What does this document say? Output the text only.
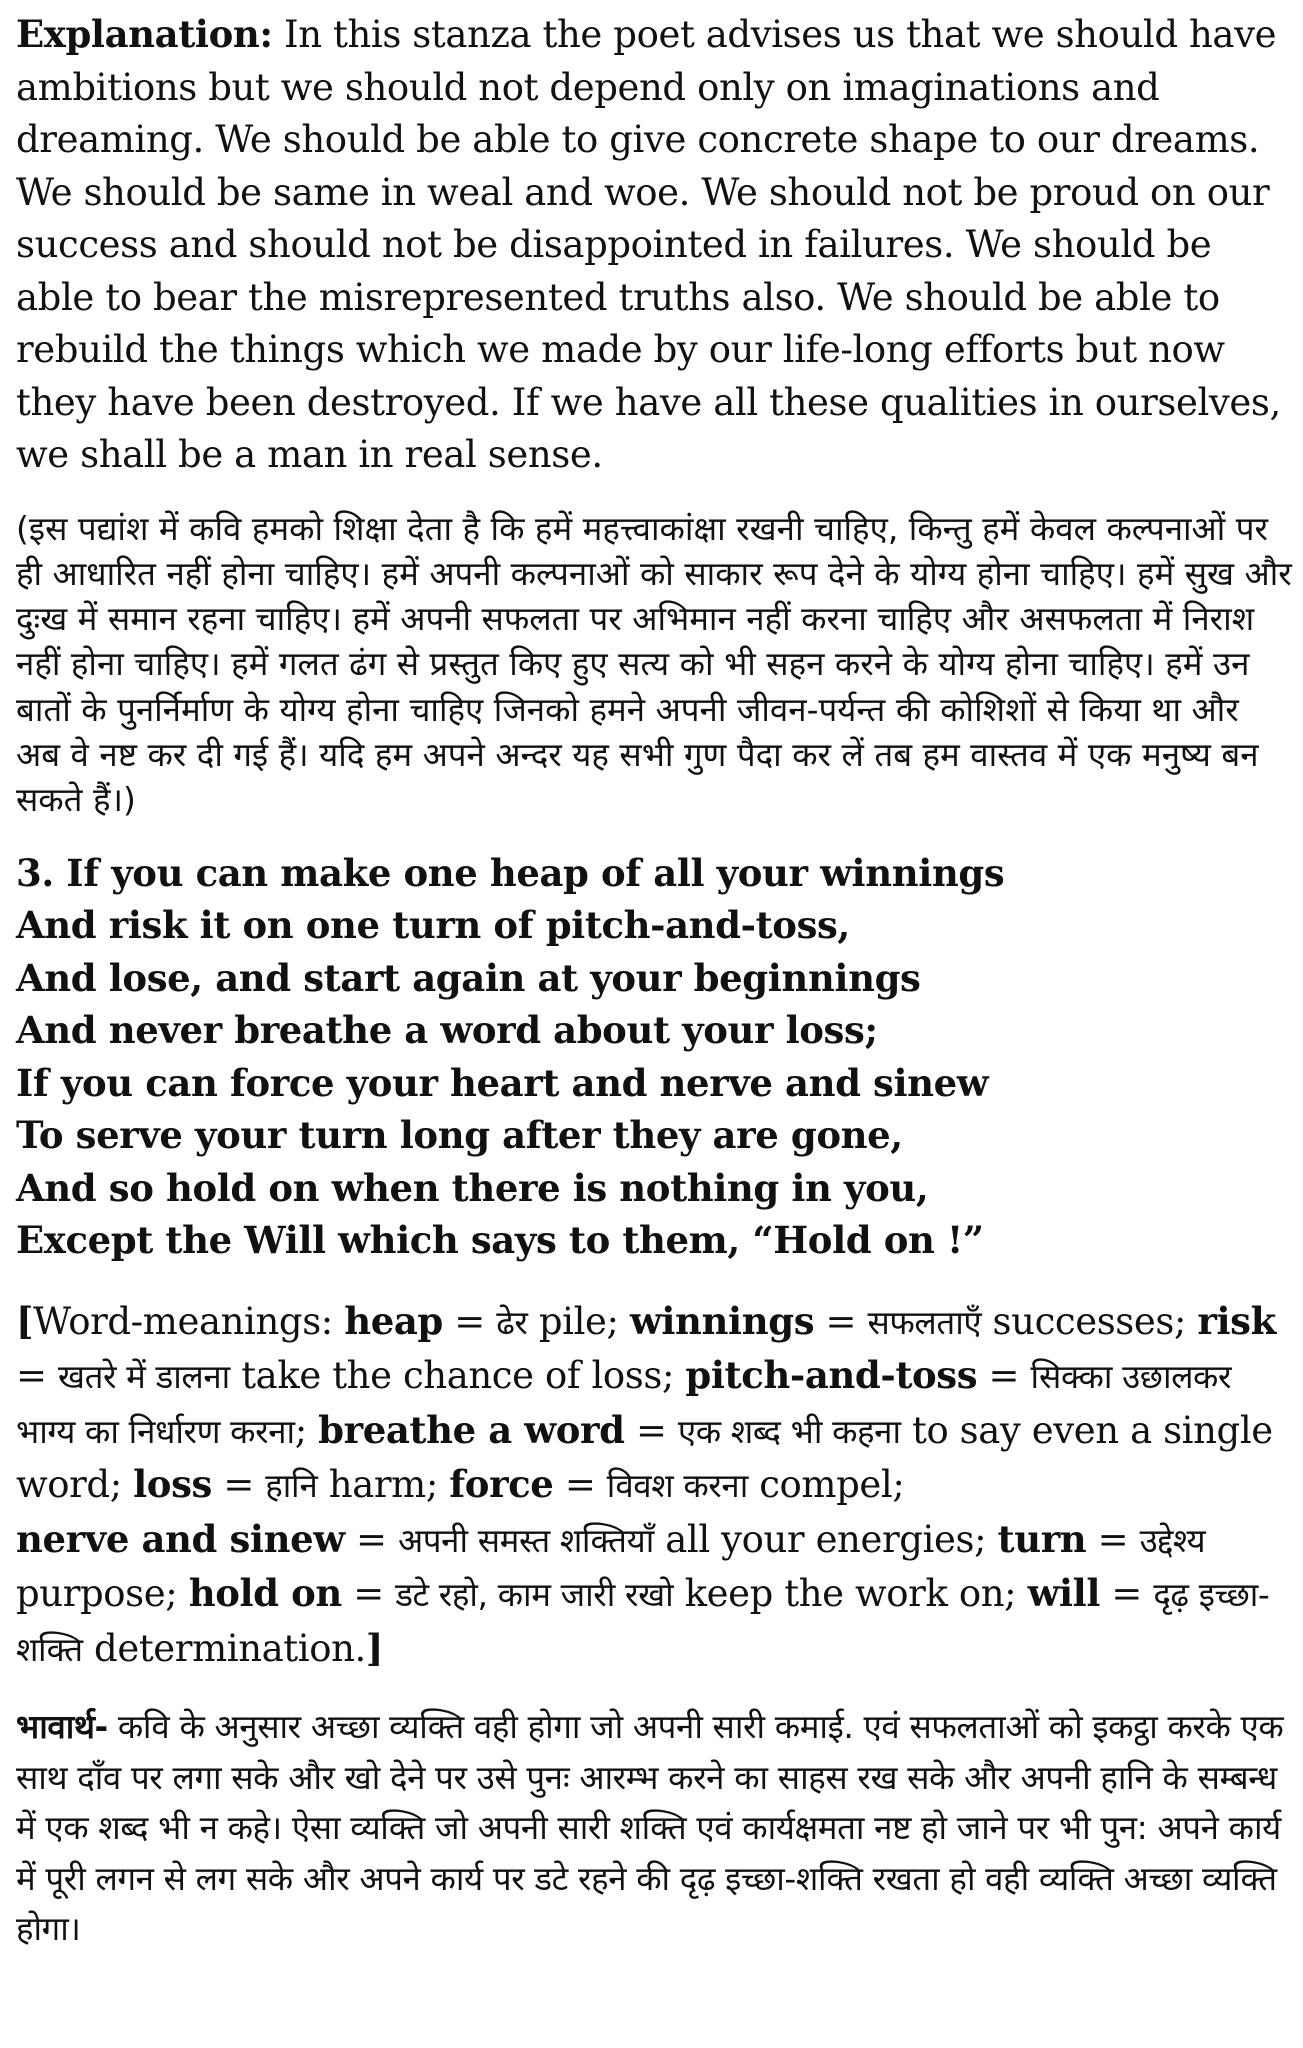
Explanation: In this stanza the poet advises us that we should have ambitions but we should not depend only on imaginations and dreaming. We should be able to give concrete shape to our dreams. We should be same in weal and woe. We should not be proud on our success and should not be disappointed in failures. We should be able to bear the misrepresented truths also. We should be able to rebuild the things which we made by our life-long efforts but now they have been destroyed. If we have all these qualities in ourselves, we shall be a man in real sense.

(इस पद्यांश में कवि हमको शिक्षा देता है कि हमें महत्त्वाकांक्षा रखनी चाहिए, किन्तु हमें केवल कल्पनाओं पर ही आधारित नहीं होना चाहिए। हमें अपनी कल्पनाओं को साकार रूप देने के योग्य होना चाहिए। हमें सुख और दुःख में समान रहना चाहिए। हमें अपनी सफलता पर अभिमान नहीं करना चाहिए और असफलता में निराश नहीं होना चाहिए। हमें गलत ढंग से प्रस्तुत किए हुए सत्य को भी सहन करने के योग्य होना चाहिए। हमें उन बातों के पुनर्निर्माण के योग्य होना चाहिए जिनको हमने अपनी जीवन-पर्यन्त की कोशिशों से किया था और अब वे नष्ट कर दी गई हैं। यदि हम अपने अन्दर यह सभी गुण पैदा कर लें तब हम वास्तव में एक मनुष्य बन सकते हैं।)

3. If you can make one heap of all your winnings
And risk it on one turn of pitch-and-toss,
And lose, and start again at your beginnings
And never breathe a word about your loss;
If you can force your heart and nerve and sinew
To serve your turn long after they are gone,
And so hold on when there is nothing in you,
Except the Will which says to them, “Hold on !”

[Word-meanings: heap = ढेर pile; winnings = सफलताएँ successes; risk = खतरे में डालना take the chance of loss; pitch-and-toss = सिक्का उछालकर भाग्य का निर्धारण करना; breathe a word = एक शब्द भी कहना to say even a single word; loss = हानि harm; force = विवश करना compel;
nerve and sinew = अपनी समस्त शक्तियाँ all your energies; turn = उद्देश्य purpose; hold on = डटे रहो, काम जारी रखो keep the work on; will = दृढ़ इच्छा-शक्ति determination.]

भावार्थ- कवि के अनुसार अच्छा व्यक्ति वही होगा जो अपनी सारी कमाई. एवं सफलताओं को इकट्ठा करके एक साथ दाँव पर लगा सके और खो देने पर उसे पुनः आरम्भ करने का साहस रख सके और अपनी हानि के सम्बन्ध में एक शब्द भी न कहे। ऐसा व्यक्ति जो अपनी सारी शक्ति एवं कार्यक्षमता नष्ट हो जाने पर भी पुन: अपने कार्य में पूरी लगन से लग सके और अपने कार्य पर डटे रहने की दृढ़ इच्छा-शक्ति रखता हो वही व्यक्ति अच्छा व्यक्ति होगा।
